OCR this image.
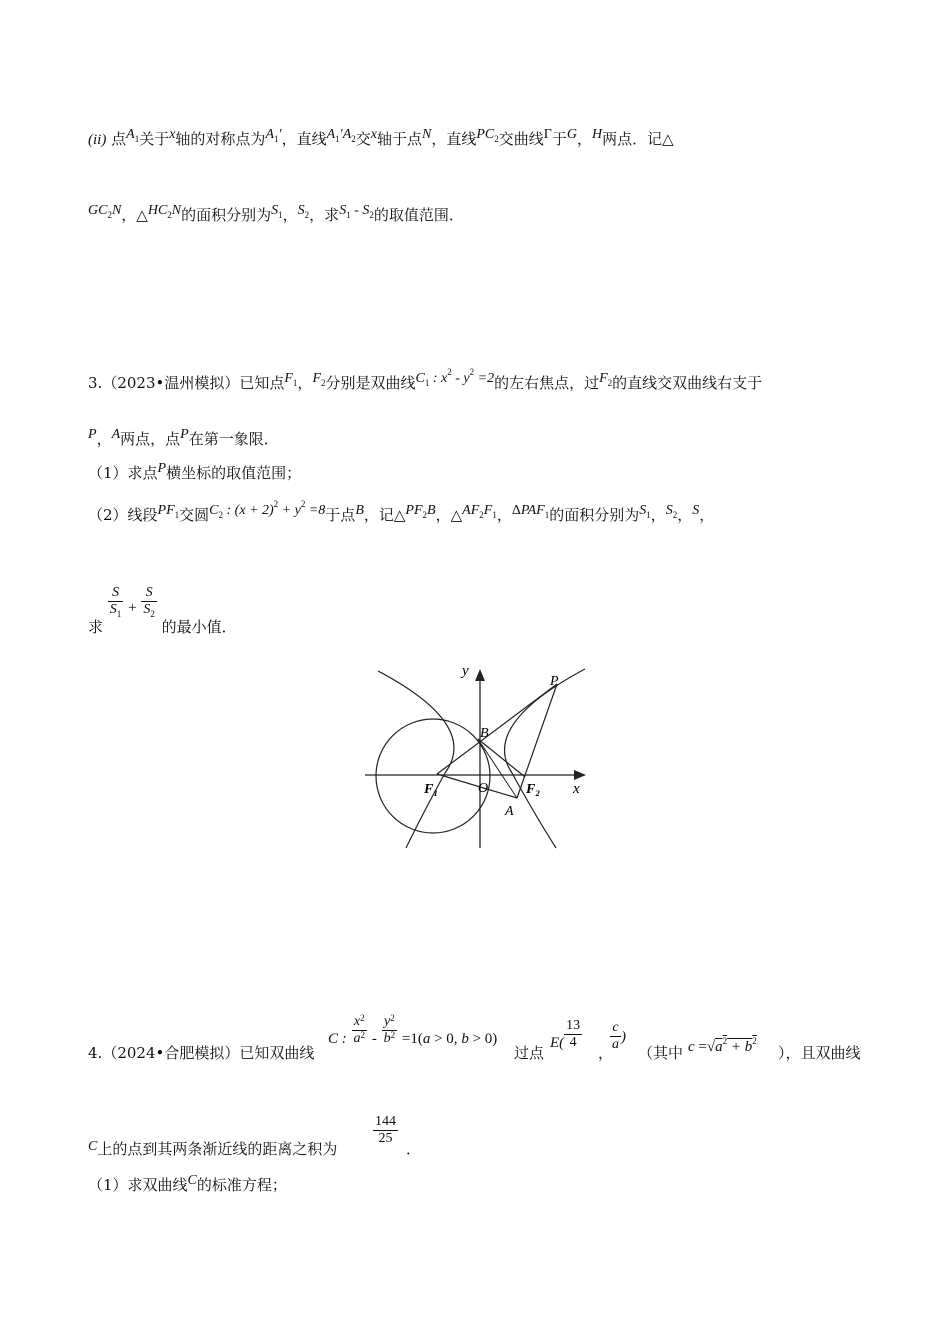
(ii) 点$A_1$关于x轴的对称点为$A_1'$，直线$A_1'A_2$交x轴于点N，直线$PC_2$交曲线Γ于G，H两点．记△
$GC_2N$，$\triangle HC_2N$的面积分别为$S_1$，$S_2$，求$S_1 - S_2$的取值范围．
3.（2023•温州模拟）已知点$F_1$，$F_2$分别是双曲线$C_1$ : $x^2 - y^2 =2$的左右焦点，过$F_2$的直线交双曲线右支于
P，A两点，点P在第一象限．
（1）求点P横坐标的取值范围；
（2）线段$PF_1$交圆$C_2$ : $(x + 2)^2 + y^2 =8$于点B，记$\triangle PF_2B$，$\triangle AF_2F_1$，$\Delta PAF_1$的面积分别为$S_1$，$S_2$，S，
求
$\frac{S}{S_1} + \frac{S}{S_2}$
的最小值．
y
x
P
B
O
F₁	F₂
A
4.（2024•合肥模拟）已知双曲线
C : $\frac{x^2}{a^2} - \frac{y^2}{b^2} =1(a > 0$, b > 0)
过点
$E( \frac{13}{4}$
，
$\frac{c}{a}$ )
（其中 $c =√a^2 + b^2$
），且双曲线
C上的点到其两条渐近线的距离之积为
$\frac{144}{25}$
．
（1）求双曲线C的标准方程；
